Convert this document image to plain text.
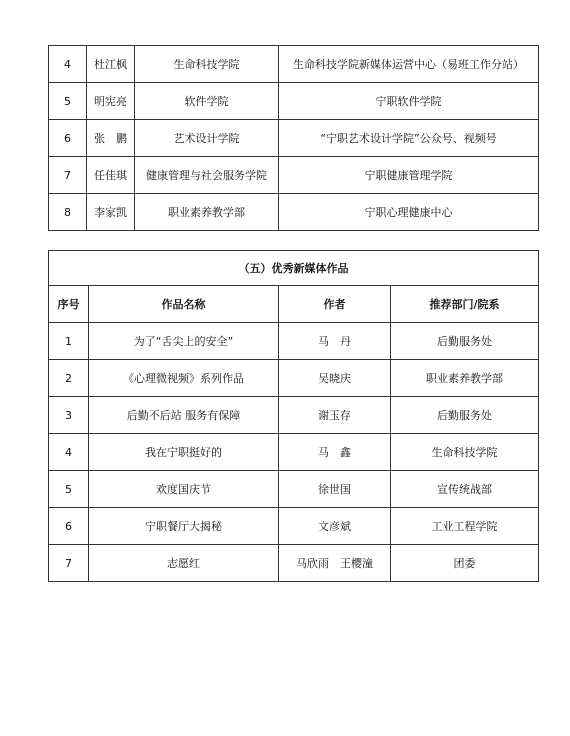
4	杜江枫	生命科技学院	生命科技学院新媒体运营中心（易班工作分站）
5	明宪亮	软件学院	宁职软件学院
6	张　鹏	艺术设计学院	“宁职艺术设计学院”公众号、视频号
7	任佳琪	健康管理与社会服务学院	宁职健康管理学院
8	李家凯	职业素养教学部	宁职心理健康中心
（五）优秀新媒体作品			
序号	作品名称	作者	推荐部门/院系
1	为了“舌尖上的安全”	马　丹	后勤服务处
2	《心理微视频》系列作品	吴晓庆	职业素养教学部
3	后勤不后站 服务有保障	谢玉存	后勤服务处
4	我在宁职挺好的	马　鑫	生命科技学院
5	欢度国庆节	徐世国	宣传统战部
6	宁职餐厅大揭秘	文彦斌	工业工程学院
7	志愿红	马欣雨　王樱潼	团委
